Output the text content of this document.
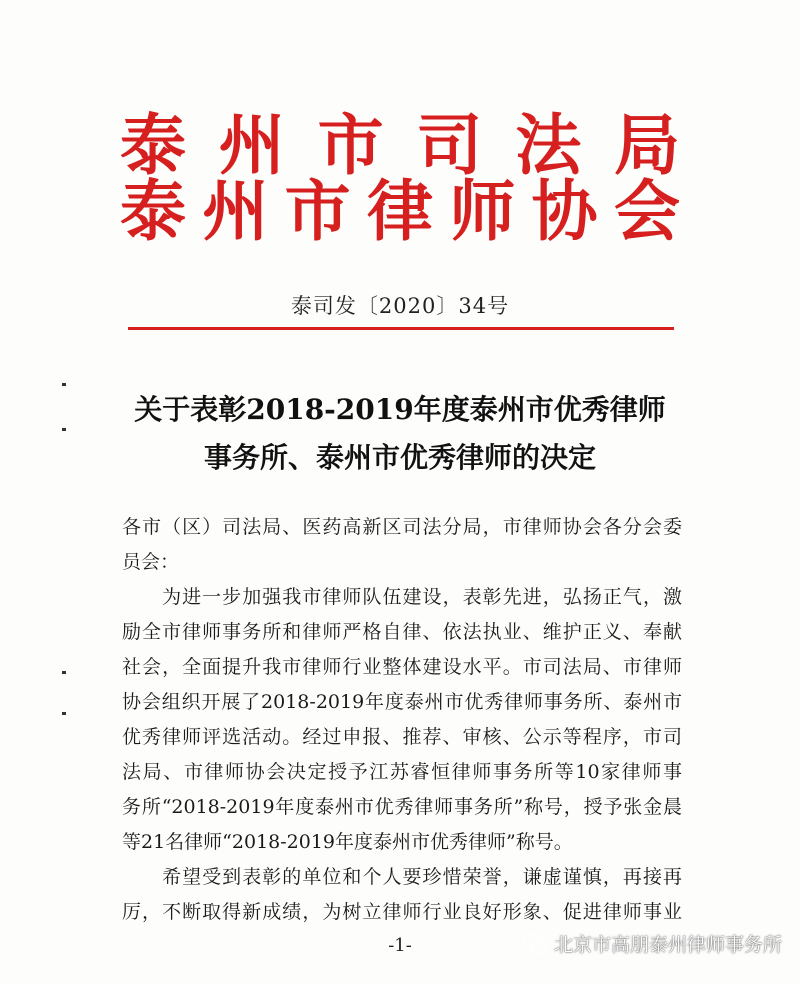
泰州市司法局
泰州市律师协会
泰司发〔2020〕34号
关于表彰2018-2019年度泰州市优秀律师
事务所、泰州市优秀律师的决定
各市（区）司法局、医药高新区司法分局，市律师协会各分会委
员会：
　　为进一步加强我市律师队伍建设，表彰先进，弘扬正气，激
励全市律师事务所和律师严格自律、依法执业、维护正义、奉献
社会，全面提升我市律师行业整体建设水平。市司法局、市律师
协会组织开展了2018-2019年度泰州市优秀律师事务所、泰州市
优秀律师评选活动。经过申报、推荐、审核、公示等程序，市司
法局、市律师协会决定授予江苏睿恒律师事务所等10家律师事
务所“2018-2019年度泰州市优秀律师事务所”称号，授予张金晨
等21名律师“2018-2019年度泰州市优秀律师”称号。
　　希望受到表彰的单位和个人要珍惜荣誉，谦虚谨慎，再接再
厉，不断取得新成绩，为树立律师行业良好形象、促进律师事业
-1-	北京市高朋泰州律师事务所
